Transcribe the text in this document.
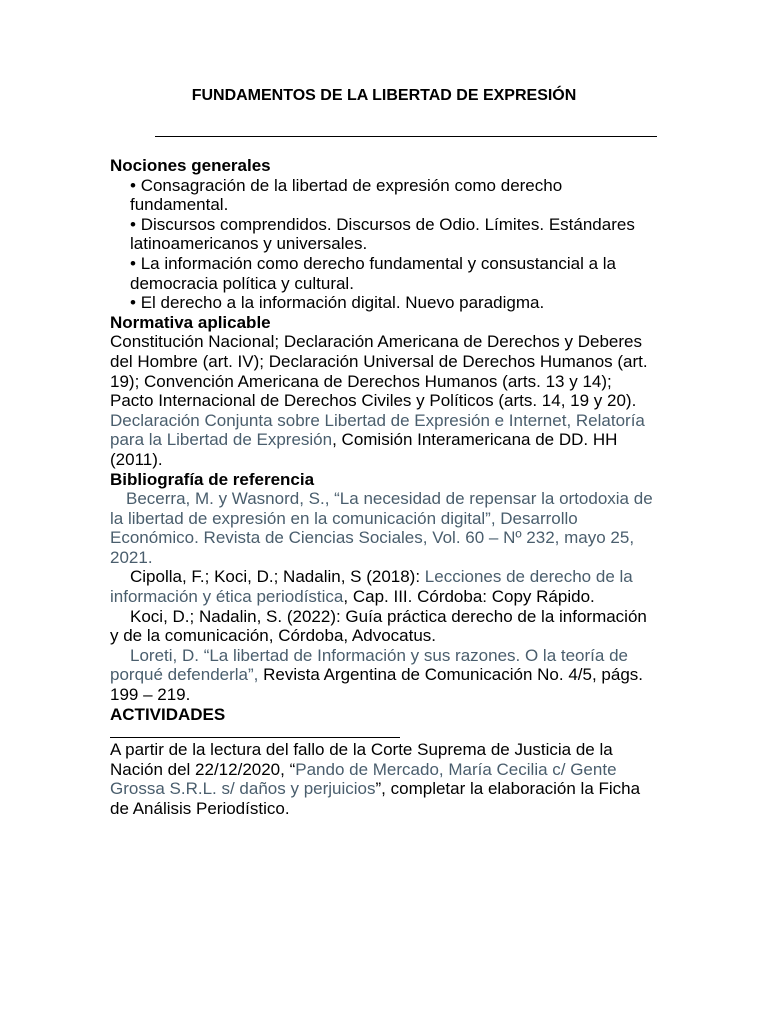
FUNDAMENTOS DE LA LIBERTAD DE EXPRESIÓN

Nociones generales

• Consagración de la libertad de expresión como derecho fundamental.

• Discursos comprendidos. Discursos de Odio. Límites. Estándares latinoamericanos y universales.

• La información como derecho fundamental y consustancial a la democracia política y cultural.

• El derecho a la información digital. Nuevo paradigma.

Normativa aplicable

Constitución Nacional; Declaración Americana de Derechos y Deberes del Hombre (art. IV); Declaración Universal de Derechos Humanos (art. 19); Convención Americana de Derechos Humanos (arts. 13 y 14); Pacto Internacional de Derechos Civiles y Políticos (arts. 14, 19 y 20). Declaración Conjunta sobre Libertad de Expresión e Internet, Relatoría para la Libertad de Expresión, Comisión Interamericana de DD. HH (2011).

Bibliografía de referencia

Becerra, M. y Wasnord, S., “La necesidad de repensar la ortodoxia de la libertad de expresión en la comunicación digital”, Desarrollo Económico. Revista de Ciencias Sociales, Vol. 60 – Nº 232, mayo 25, 2021.

Cipolla, F.; Koci, D.; Nadalin, S (2018): Lecciones de derecho de la información y ética periodística, Cap. III. Córdoba: Copy Rápido.

Koci, D.; Nadalin, S. (2022): Guía práctica derecho de la información y de la comunicación, Córdoba, Advocatus.

Loreti, D. “La libertad de Información y sus razones. O la teoría de porqué defenderla”, Revista Argentina de Comunicación No. 4/5, págs. 199 – 219.

ACTIVIDADES

A partir de la lectura del fallo de la Corte Suprema de Justicia de la Nación del 22/12/2020, “Pando de Mercado, María Cecilia c/ Gente Grossa S.R.L. s/ daños y perjuicios”, completar la elaboración la Ficha de Análisis Periodístico.
